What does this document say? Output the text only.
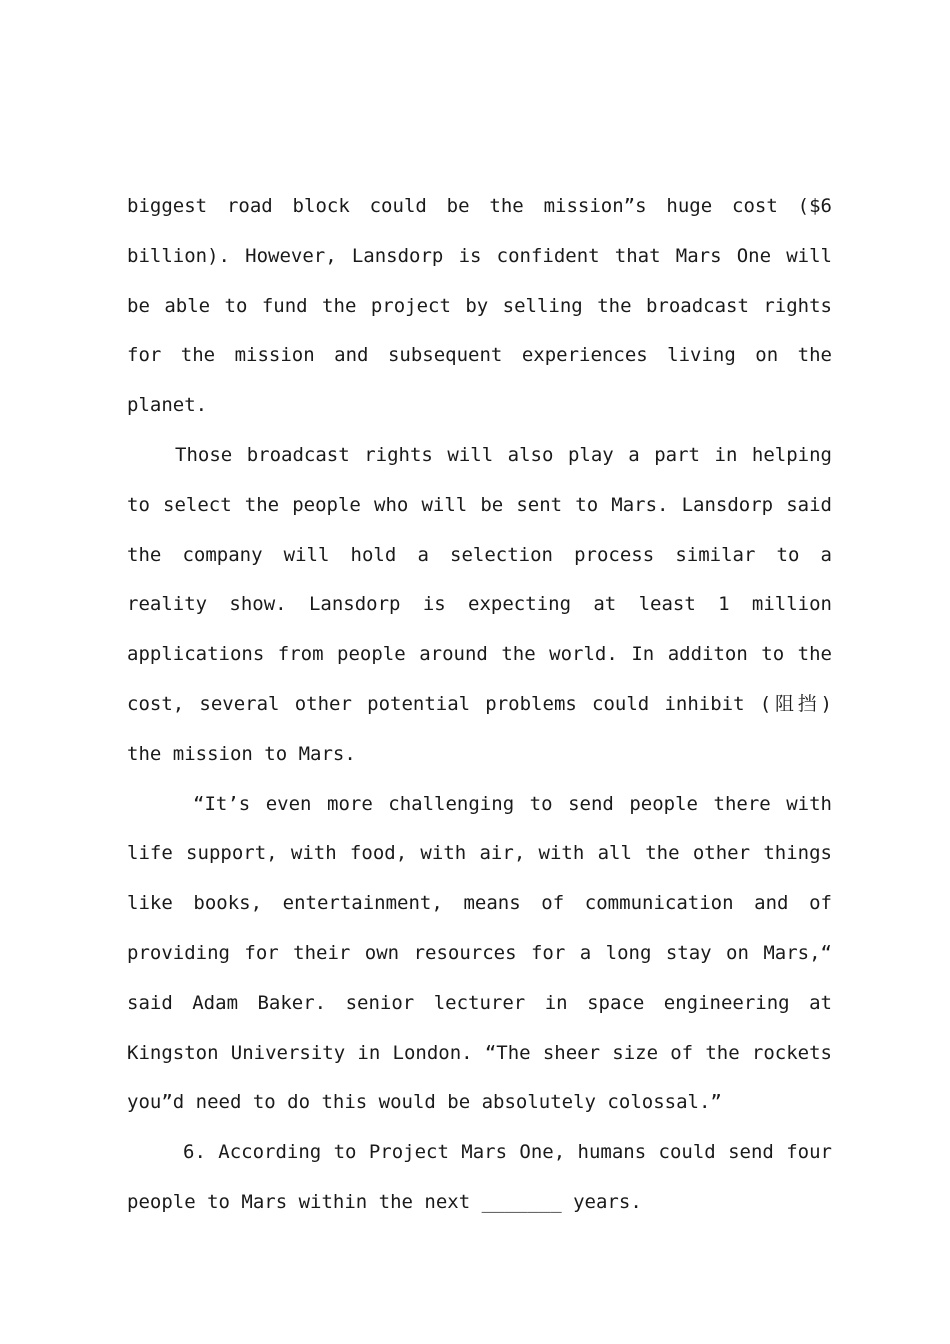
biggest road block could be the mission”s huge cost ($6 billion). However, Lansdorp is confident that Mars One will be able to fund the project by selling the broadcast rights for the mission and subsequent experiences living on the planet.

Those broadcast rights will also play a part in helping to select the people who will be sent to Mars. Lansdorp said the company will hold a selection process similar to a reality show. Lansdorp is expecting at least 1 million applications from people around the world. In additon to the cost, several other potential problems could inhibit (阻挡) the mission to Mars.

“It’s even more challenging to send people there with life support, with food, with air, with all the other things like books, entertainment, means of communication and of providing for their own resources for a long stay on Mars,“ said Adam Baker. senior lecturer in space engineering at Kingston University in London. “The sheer size of the rockets you”d need to do this would be absolutely colossal.”

6. According to Project Mars One, humans could send four people to Mars within the next _______ years.
